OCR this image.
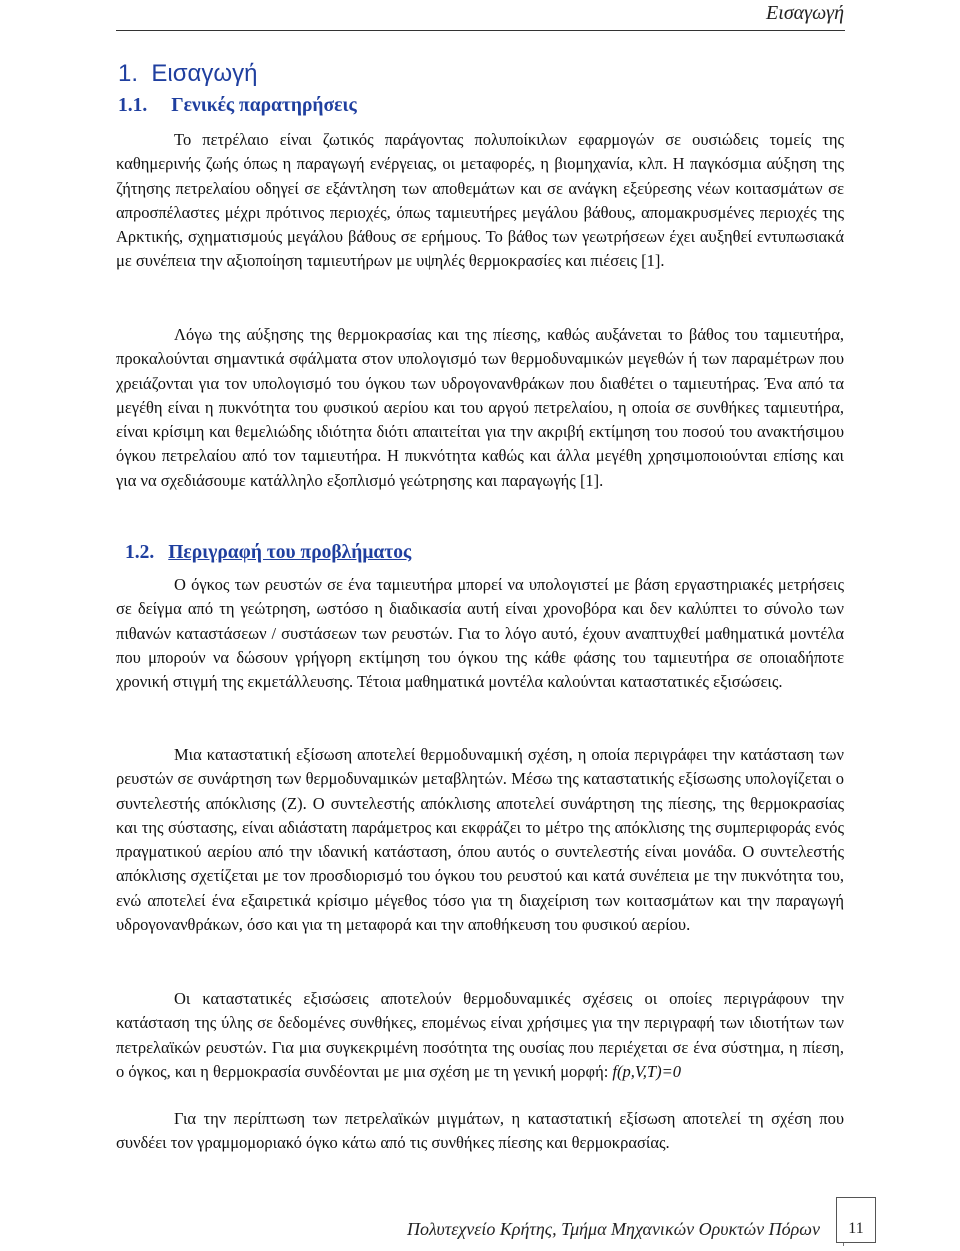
Εισαγωγή
1. Εισαγωγή
1.1. Γενικές παρατηρήσεις

Το πετρέλαιο είναι ζωτικός παράγοντας πολυποίκιλων εφαρμογών σε ουσιώδεις τομείς της καθημερινής ζωής όπως η παραγωγή ενέργειας, οι μεταφορές, η βιομηχανία, κλπ. Η παγκόσμια αύξηση της ζήτησης πετρελαίου οδηγεί σε εξάντληση των αποθεμάτων και σε ανάγκη εξεύρεσης νέων κοιτασμάτων σε απροσπέλαστες μέχρι πρότινος περιοχές, όπως ταμιευτήρες μεγάλου βάθους, απομακρυσμένες περιοχές της Αρκτικής, σχηματισμούς μεγάλου βάθους σε ερήμους. Το βάθος των γεωτρήσεων έχει αυξηθεί εντυπωσιακά με συνέπεια την αξιοποίηση ταμιευτήρων με υψηλές θερμοκρασίες και πιέσεις [1].

Λόγω της αύξησης της θερμοκρασίας και της πίεσης, καθώς αυξάνεται το βάθος του ταμιευτήρα, προκαλούνται σημαντικά σφάλματα στον υπολογισμό των θερμοδυναμικών μεγεθών ή των παραμέτρων που χρειάζονται για τον υπολογισμό του όγκου των υδρογονανθράκων που διαθέτει ο ταμιευτήρας. Ένα από τα μεγέθη είναι η πυκνότητα του φυσικού αερίου και του αργού πετρελαίου, η οποία σε συνθήκες ταμιευτήρα, είναι κρίσιμη και θεμελιώδης ιδιότητα διότι απαιτείται για την ακριβή εκτίμηση του ποσού του ανακτήσιμου όγκου πετρελαίου από τον ταμιευτήρα. Η πυκνότητα καθώς και άλλα μεγέθη χρησιμοποιούνται επίσης και για να σχεδιάσουμε κατάλληλο εξοπλισμό γεώτρησης και παραγωγής [1].

1.2. Περιγραφή του προβλήματος

Ο όγκος των ρευστών σε ένα ταμιευτήρα μπορεί να υπολογιστεί με βάση εργαστηριακές μετρήσεις σε δείγμα από τη γεώτρηση, ωστόσο η διαδικασία αυτή είναι χρονοβόρα και δεν καλύπτει το σύνολο των πιθανών καταστάσεων / συστάσεων των ρευστών. Για το λόγο αυτό, έχουν αναπτυχθεί μαθηματικά μοντέλα που μπορούν να δώσουν γρήγορη εκτίμηση του όγκου της κάθε φάσης του ταμιευτήρα σε οποιαδήποτε χρονική στιγμή της εκμετάλλευσης. Τέτοια μαθηματικά μοντέλα καλούνται καταστατικές εξισώσεις.

Μια καταστατική εξίσωση αποτελεί θερμοδυναμική σχέση, η οποία περιγράφει την κατάσταση των ρευστών σε συνάρτηση των θερμοδυναμικών μεταβλητών. Μέσω της καταστατικής εξίσωσης υπολογίζεται ο συντελεστής απόκλισης (Z). Ο συντελεστής απόκλισης αποτελεί συνάρτηση της πίεσης, της θερμοκρασίας και της σύστασης, είναι αδιάστατη παράμετρος και εκφράζει το μέτρο της απόκλισης της συμπεριφοράς ενός πραγματικού αερίου από την ιδανική κατάσταση, όπου αυτός ο συντελεστής είναι μονάδα. Ο συντελεστής απόκλισης σχετίζεται με τον προσδιορισμό του όγκου του ρευστού και κατά συνέπεια με την πυκνότητα του, ενώ αποτελεί ένα εξαιρετικά κρίσιμο μέγεθος τόσο για τη διαχείριση των κοιτασμάτων και την παραγωγή υδρογονανθράκων, όσο και για τη μεταφορά και την αποθήκευση του φυσικού αερίου.

Οι καταστατικές εξισώσεις αποτελούν θερμοδυναμικές σχέσεις οι οποίες περιγράφουν την κατάσταση της ύλης σε δεδομένες συνθήκες, επομένως είναι χρήσιμες για την περιγραφή των ιδιοτήτων των πετρελαϊκών ρευστών. Για μια συγκεκριμένη ποσότητα της ουσίας που περιέχεται σε ένα σύστημα, η πίεση, ο όγκος, και η θερμοκρασία συνδέονται με μια σχέση με τη γενική μορφή: f(p,V,T)=0

Για την περίπτωση των πετρελαϊκών μιγμάτων, η καταστατική εξίσωση αποτελεί τη σχέση που συνδέει τον γραμμομοριακό όγκο κάτω από τις συνθήκες πίεσης και θερμοκρασίας.

Πολυτεχνείο Κρήτης, Τμήμα Μηχανικών Ορυκτών Πόρων	11
